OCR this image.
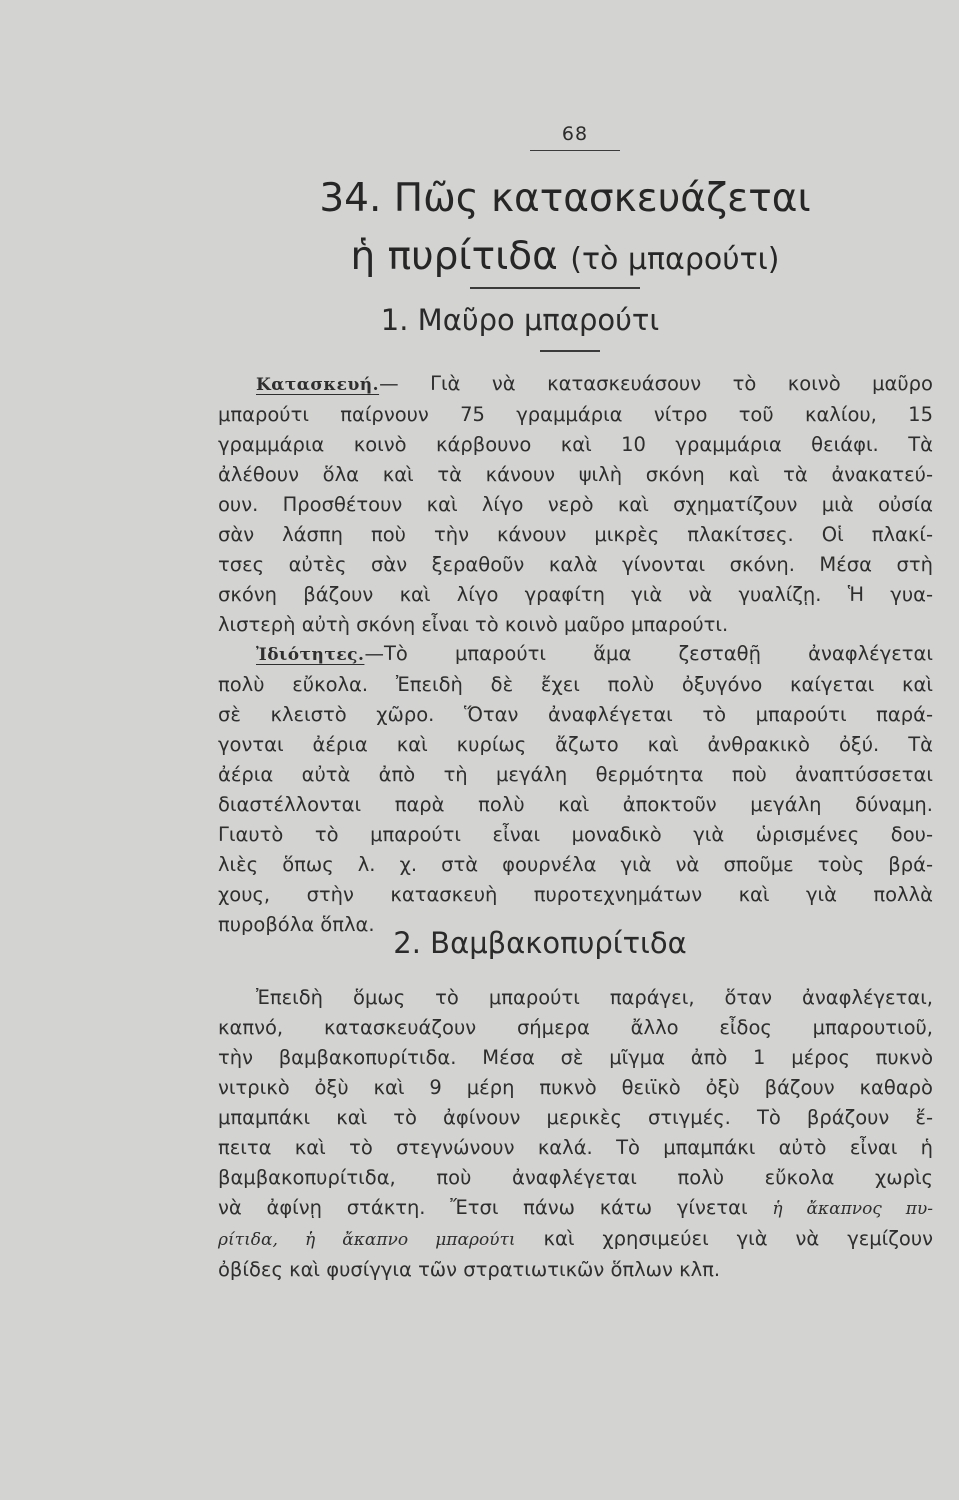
68
34. Πῶς κατασκευάζεται
ἡ πυρίτιδα (τὸ μπαρούτι)
1. Μαῦρο μπαρούτι
Κατασκευή.— Γιὰ νὰ κατασκευάσουν τὸ κοινὸ μαῦρο
μπαρούτι παίρνουν 75 γραμμάρια νίτρο τοῦ καλίου, 15
γραμμάρια κοινὸ κάρβουνο καὶ 10 γραμμάρια θειάφι. Τὰ
ἀλέθουν ὅλα καὶ τὰ κάνουν ψιλὴ σκόνη καὶ τὰ ἀνακατεύ-
ουν. Προσθέτουν καὶ λίγο νερὸ καὶ σχηματίζουν μιὰ οὐσία
σὰν λάσπη ποὺ τὴν κάνουν μικρὲς πλακίτσες. Οἱ πλακί-
τσες αὐτὲς σὰν ξεραθοῦν καλὰ γίνονται σκόνη. Μέσα στὴ
σκόνη βάζουν καὶ λίγο γραφίτη γιὰ νὰ γυαλίζῃ. Ἡ γυα-
λιστερὴ αὐτὴ σκόνη εἶναι τὸ κοινὸ μαῦρο μπαρούτι.
Ἰδιότητες.—Τὸ μπαρούτι ἅμα ζεσταθῇ ἀναφλέγεται
πολὺ εὔκολα. Ἐπειδὴ δὲ ἔχει πολὺ ὀξυγόνο καίγεται καὶ
σὲ κλειστὸ χῶρο. Ὅταν ἀναφλέγεται τὸ μπαρούτι παρά-
γονται ἀέρια καὶ κυρίως ἄζωτο καὶ ἀνθρακικὸ ὀξύ. Τὰ
ἀέρια αὐτὰ ἀπὸ τὴ μεγάλη θερμότητα ποὺ ἀναπτύσσεται
διαστέλλονται παρὰ πολὺ καὶ ἀποκτοῦν μεγάλη δύναμη.
Γιαυτὸ τὸ μπαρούτι εἶναι μοναδικὸ γιὰ ὡρισμένες δου-
λιὲς ὅπως λ. χ. στὰ φουρνέλα γιὰ νὰ σποῦμε τοὺς βρά-
χους, στὴν κατασκευὴ πυροτεχνημάτων καὶ γιὰ πολλὰ
πυροβόλα ὅπλα.
2. Βαμβακοπυρίτιδα
Ἐπειδὴ ὅμως τὸ μπαρούτι παράγει, ὅταν ἀναφλέγεται,
καπνό, κατασκευάζουν σήμερα ἄλλο εἶδος μπαρουτιοῦ,
τὴν βαμβακοπυρίτιδα. Μέσα σὲ μῖγμα ἀπὸ 1 μέρος πυκνὸ
νιτρικὸ ὀξὺ καὶ 9 μέρη πυκνὸ θειϊκὸ ὀξὺ βάζουν καθαρὸ
μπαμπάκι καὶ τὸ ἀφίνουν μερικὲς στιγμές. Τὸ βράζουν ἔ-
πειτα καὶ τὸ στεγνώνουν καλά. Τὸ μπαμπάκι αὐτὸ εἶναι ἡ
βαμβακοπυρίτιδα, ποὺ ἀναφλέγεται πολὺ εὔκολα χωρὶς
νὰ ἀφίνῃ στάκτη. Ἔτσι πάνω κάτω γίνεται ἡ ἄκαπνος πυ-
ρίτιδα, ἡ ἄκαπνο μπαρούτι καὶ χρησιμεύει γιὰ νὰ γεμίζουν
ὀβίδες καὶ φυσίγγια τῶν στρατιωτικῶν ὅπλων κλπ.
